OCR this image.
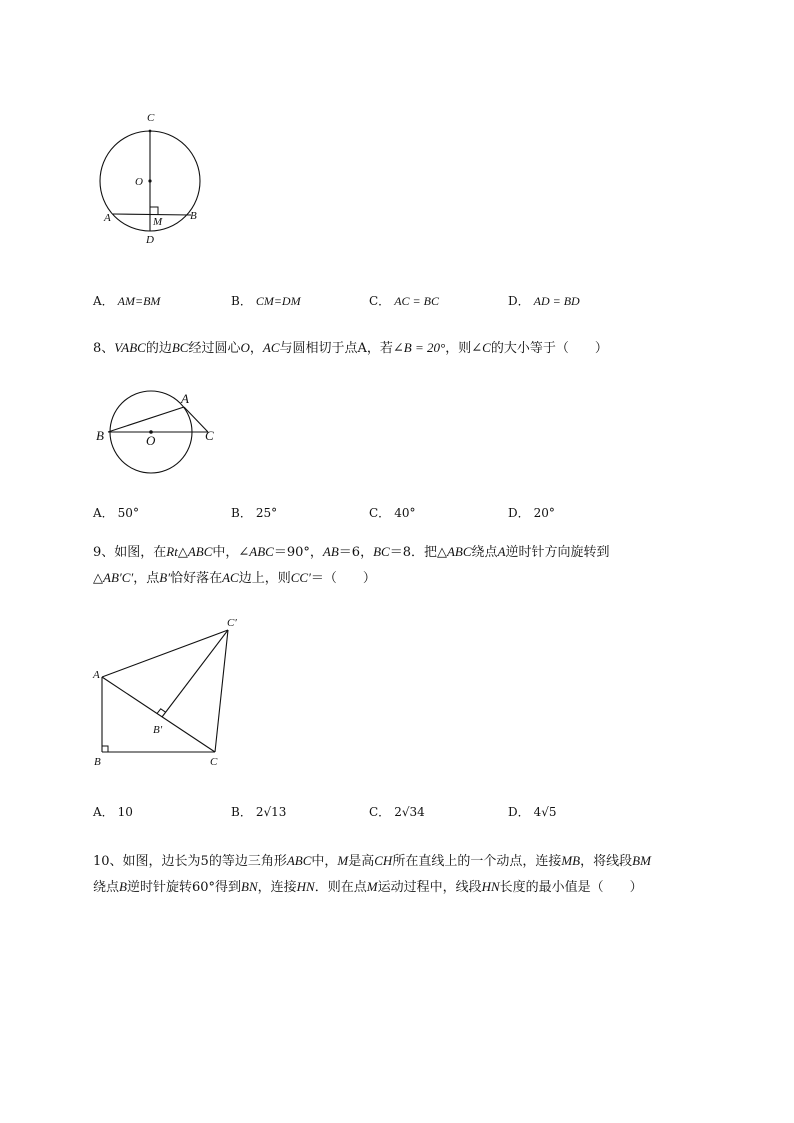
C
O
A	B
M
D
A． AM=BM	B． CM=DM	C． AC = BC	D． AD = BD
8、VABC的边BC经过圆心O，AC与圆相切于点A，若∠B = 20°，则∠C的大小等于（　　）
B	O
A
C
A． 50°	B． 25°	C． 40°	D． 20°
9、如图，在Rt△ABC中，∠ABC＝90°，AB＝6，BC＝8．把△ABC绕点A逆时针方向旋转到
△AB′C′，点B′恰好落在AC边上，则CC′＝（　　）
C′
A
B′
B	C
A． 10	B． 2√13	C． 2√34	D． 4√5
10、如图，边长为5的等边三角形ABC中，M是高CH所在直线上的一个动点，连接MB，将线段BM
绕点B逆时针旋转60°得到BN，连接HN．则在点M运动过程中，线段HN长度的最小值是（　　）
